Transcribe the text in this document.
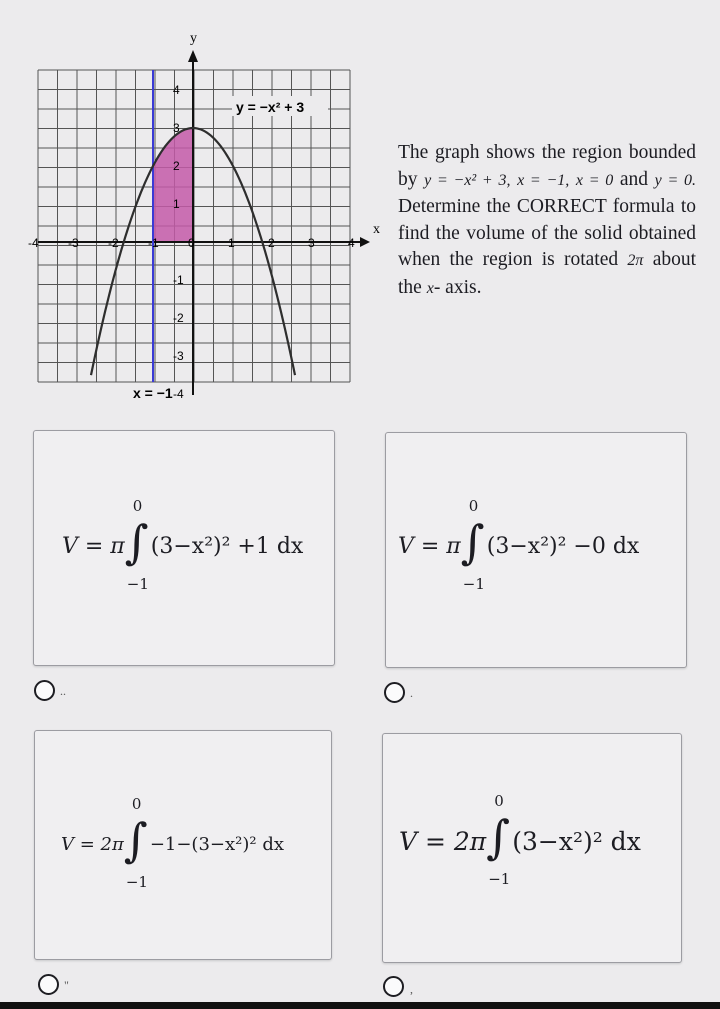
x
y
-4 -3 -2 -1 0	1	2	3	4
4
3
2
1
-1
-2
-3
-4
y = −x² + 3
x = −1
The graph shows the region bounded by y = −x² + 3, x = −1, x = 0 and y = 0. Determine the CORRECT formula to find the volume of the solid obtained when the region is rotated 2π about the x- axis.
V = π
0
∫
−1
(3−x²)² +1 dx
..
V = π
0
∫
−1
(3−x²)² −0 dx
.
V = 2π
0
∫
−1
−1−(3−x²)² dx
"
V = 2π
0
∫
−1
(3−x²)² dx
,
